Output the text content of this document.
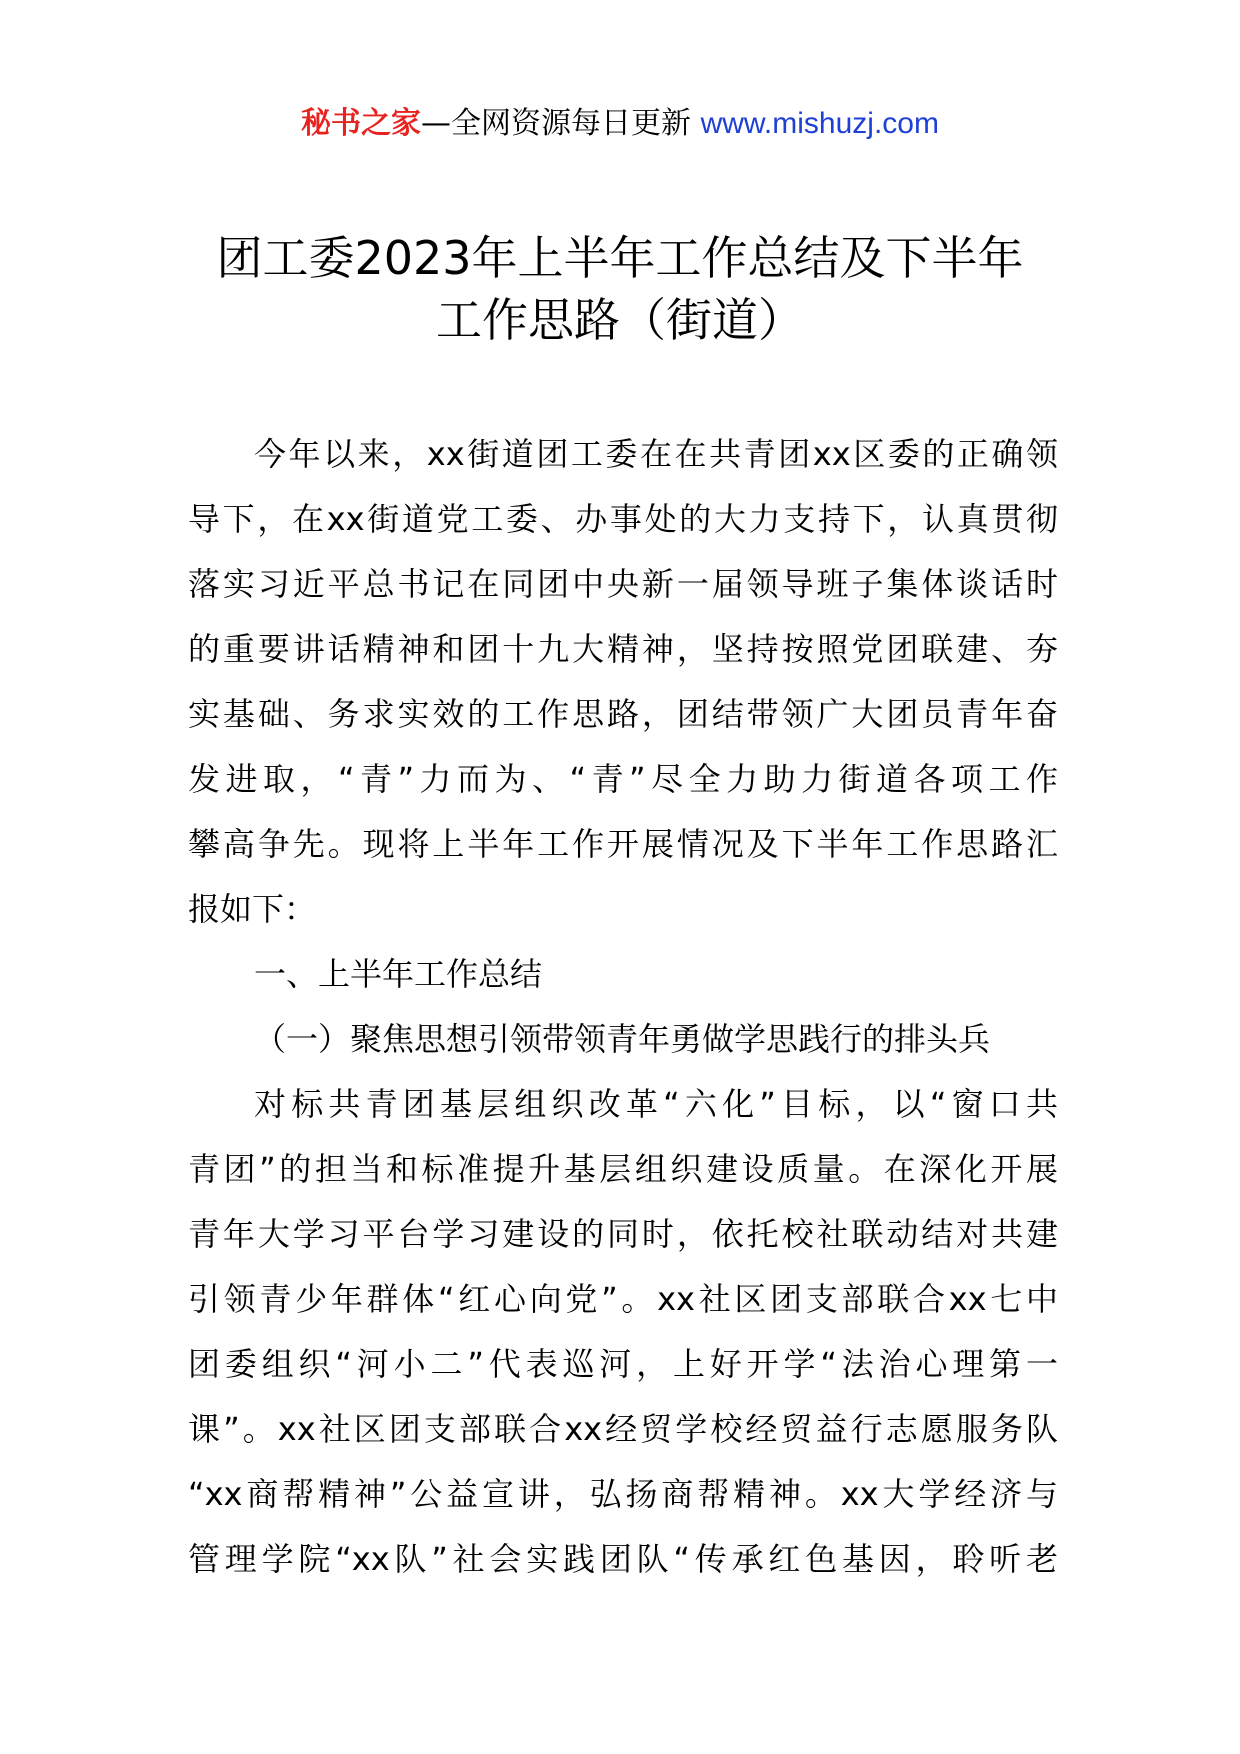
秘书之家—全网资源每日更新 www.mishuzj.com
团工委2023年上半年工作总结及下半年
工作思路（街道）
今年以来，xx街道团工委在在共青团xx区委的正确领
导下，在xx街道党工委、办事处的大力支持下，认真贯彻
落实习近平总书记在同团中央新一届领导班子集体谈话时
的重要讲话精神和团十九大精神，坚持按照党团联建、夯
实基础、务求实效的工作思路，团结带领广大团员青年奋
发进取，“青”力而为、“青”尽全力助力街道各项工作
攀高争先。现将上半年工作开展情况及下半年工作思路汇
报如下：
一、上半年工作总结
（一）聚焦思想引领带领青年勇做学思践行的排头兵
对标共青团基层组织改革“六化”目标，以“窗口共
青团”的担当和标准提升基层组织建设质量。在深化开展
青年大学习平台学习建设的同时，依托校社联动结对共建
引领青少年群体“红心向党”。xx社区团支部联合xx七中
团委组织“河小二”代表巡河，上好开学“法治心理第一
课”。xx社区团支部联合xx经贸学校经贸益行志愿服务队
“xx商帮精神”公益宣讲，弘扬商帮精神。xx大学经济与
管理学院“xx队”社会实践团队“传承红色基因，聆听老
